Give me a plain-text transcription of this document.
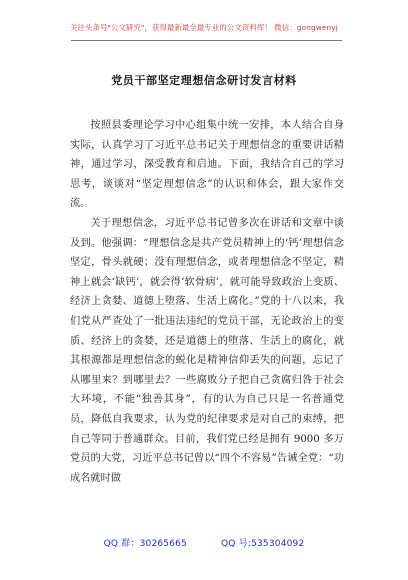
关注头条号"公文研究"，获得最新最全最专业的公文资料库！ 微信：gongwenyj
党员干部坚定理想信念研讨发言材料

按照县委理论学习中心组集中统一安排，本人结合自身实际，认真学习了习近平总书记关于理想信念的重要讲话精神，通过学习，深受教育和启迪。下面，我结合自己的学习思考，谈谈对“坚定理想信念”的认识和体会，跟大家作交流。

关于理想信念，习近平总书记曾多次在讲话和文章中谈及到。他强调：“理想信念是共产党员精神上的‘钙’理想信念坚定，骨头就硬；没有理想信念，或者理想信念不坚定，精神上就会‘缺钙’，就会得‘软骨病’，就可能导致政治上变质、经济上贪婪、道德上堕落、生活上腐化。”党的十八以来，我们党从严查处了一批违法违纪的党员干部，无论政治上的变质、经济上的贪婪，还是道德上的堕落、生活上的腐化，就其根源都是理想信念的蜕化是精神信仰丢失的问题，忘记了从哪里来？到哪里去？一些腐败分子把自己贪腐归咎于社会大环境，不能“独善其身”，有的认为自己只是一名普通党员，降低自我要求，认为党的纪律要求是对自己的束缚，把自己等同于普通群众。目前，我们党已经是拥有 9000 多万党员的大党，习近平总书记曾以“四个不容易”告诫全党：“功成名就时做

QQ 群：30265665	QQ 号:535304092
